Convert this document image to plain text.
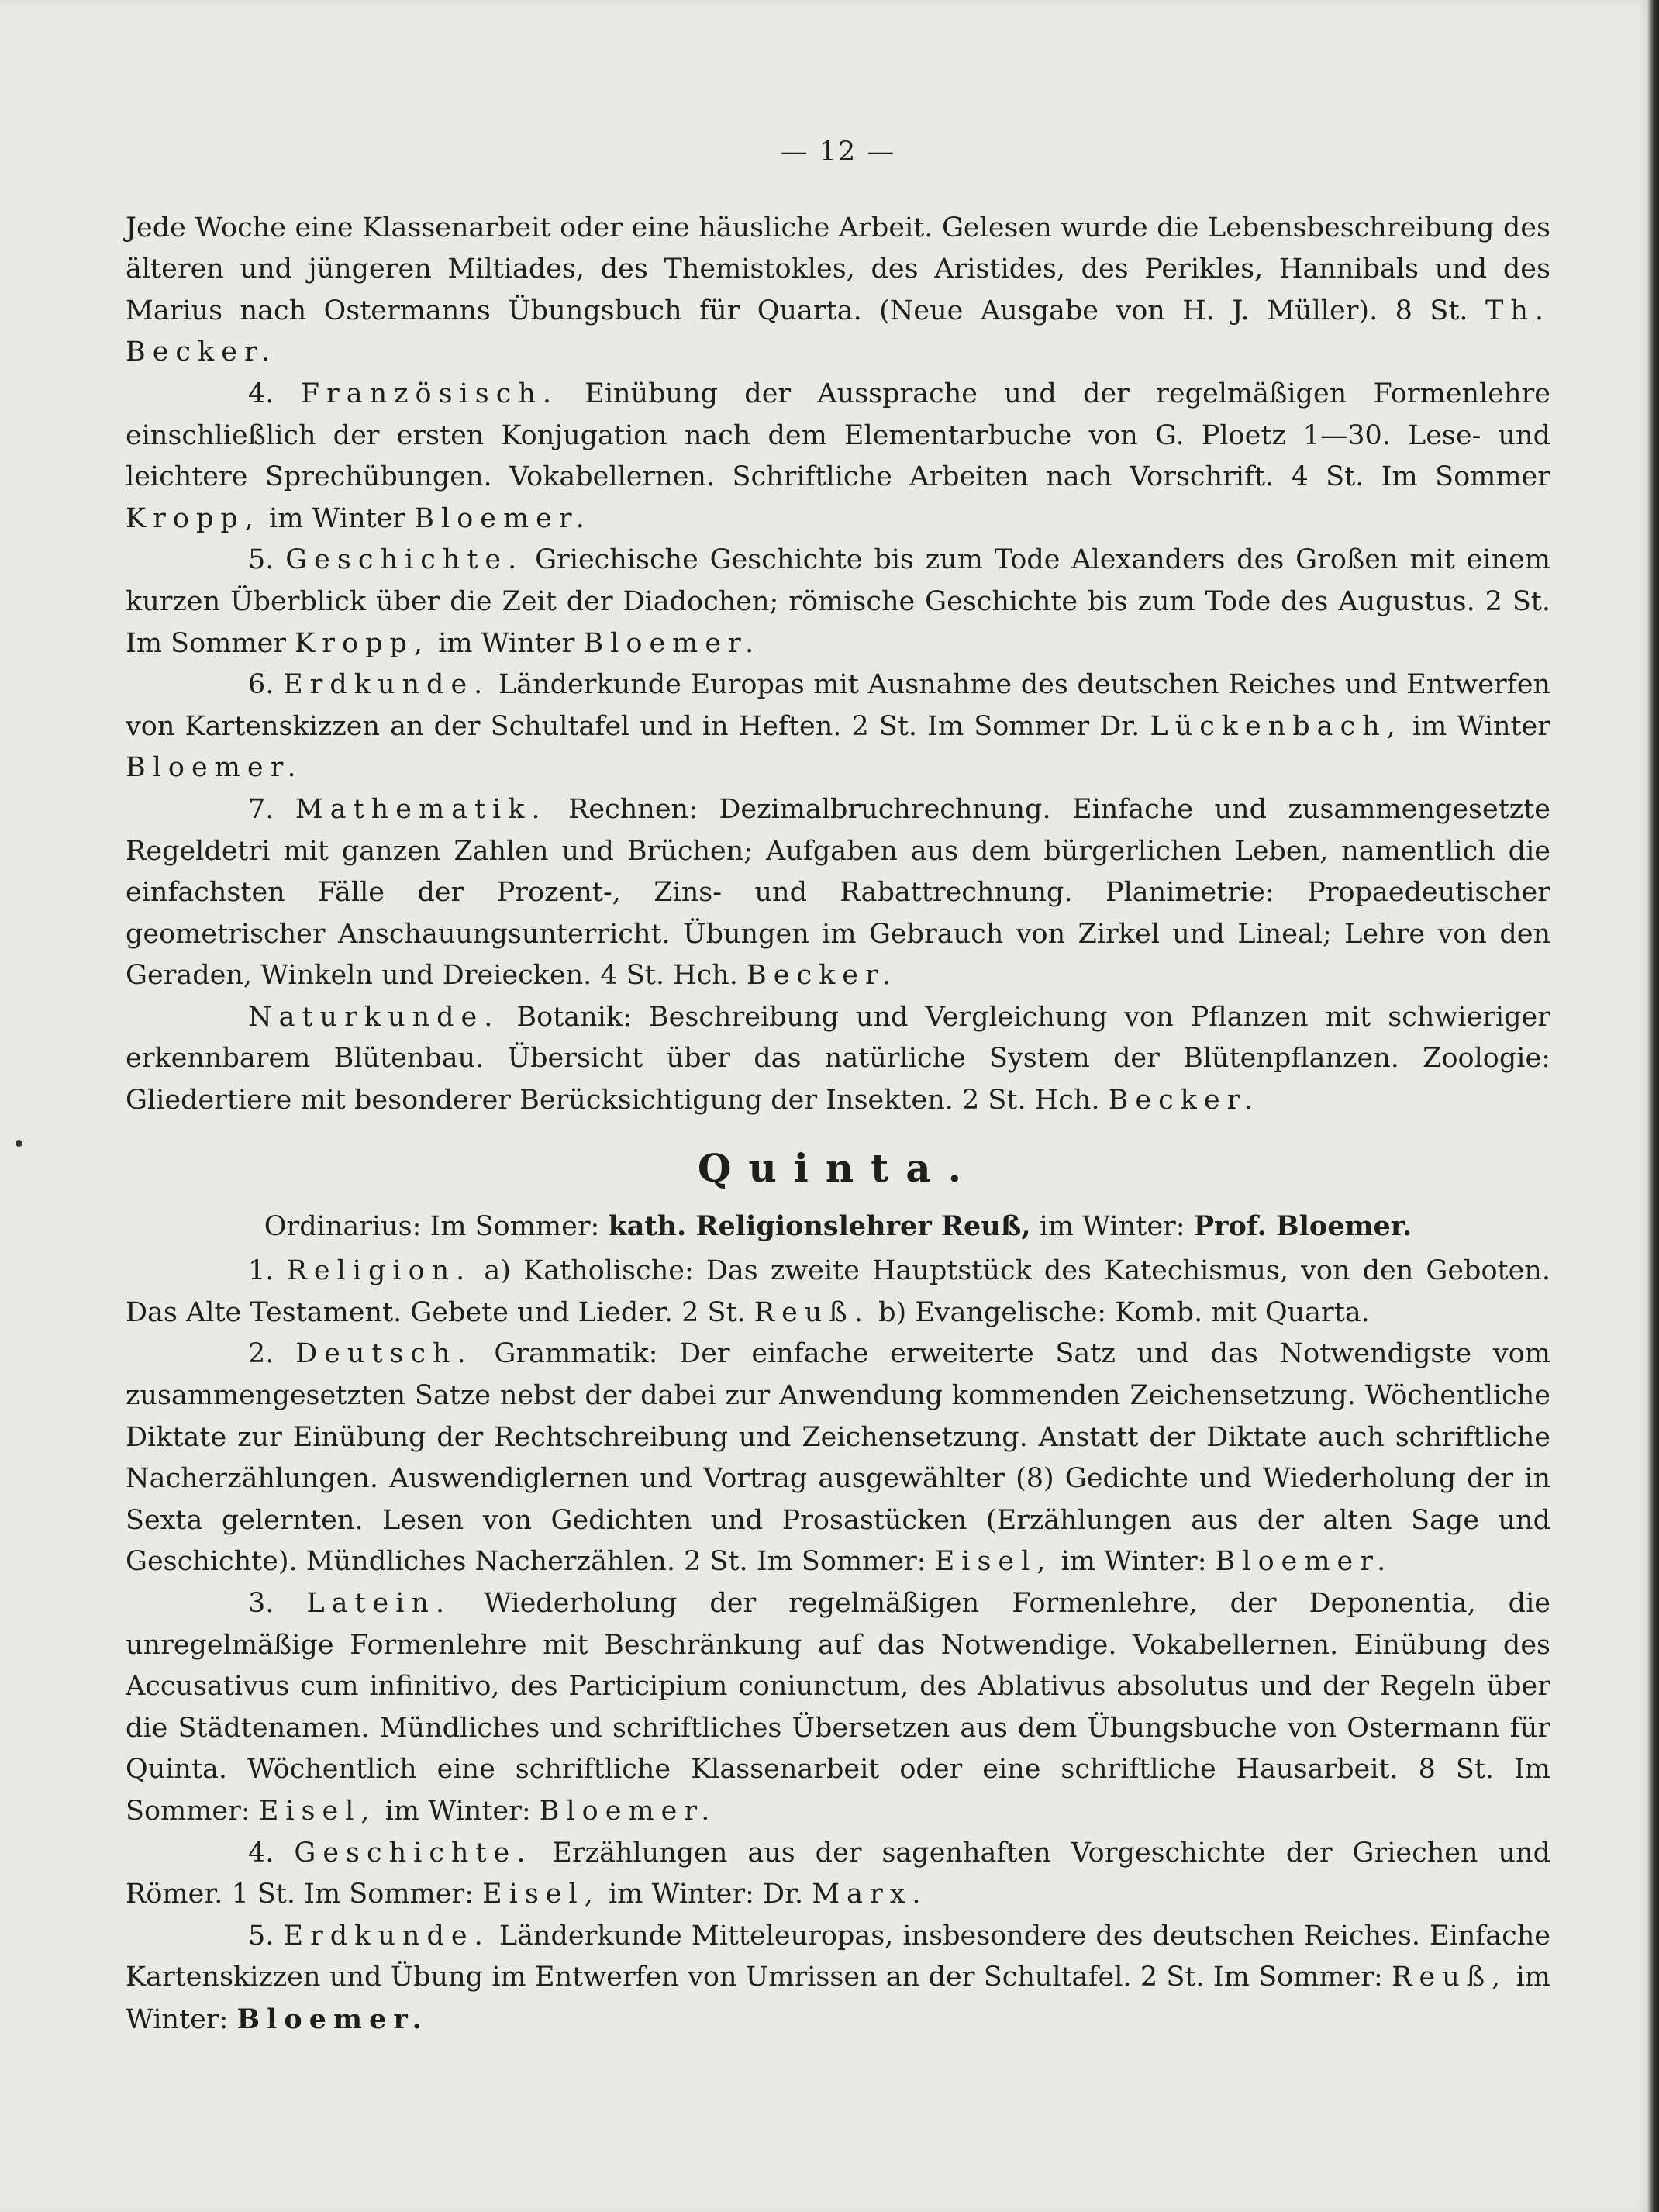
— 12 —

Jede Woche eine Klassenarbeit oder eine häusliche Arbeit. Gelesen wurde die Lebensbeschreibung des älteren und jüngeren Miltiades, des Themistokles, des Aristides, des Perikles, Hannibals und des Marius nach Ostermanns Übungsbuch für Quarta. (Neue Ausgabe von H. J. Müller). 8 St. Th. Becker.

4. Französisch. Einübung der Aussprache und der regelmäßigen Formenlehre einschließlich der ersten Konjugation nach dem Elementarbuche von G. Ploetz 1—30. Lese- und leichtere Sprechübungen. Vokabellernen. Schriftliche Arbeiten nach Vorschrift. 4 St. Im Sommer Kropp, im Winter Bloemer.

5. Geschichte. Griechische Geschichte bis zum Tode Alexanders des Großen mit einem kurzen Überblick über die Zeit der Diadochen; römische Geschichte bis zum Tode des Augustus. 2 St. Im Sommer Kropp, im Winter Bloemer.

6. Erdkunde. Länderkunde Europas mit Ausnahme des deutschen Reiches und Entwerfen von Kartenskizzen an der Schultafel und in Heften. 2 St. Im Sommer Dr. Lückenbach, im Winter Bloemer.

7. Mathematik. Rechnen: Dezimalbruchrechnung. Einfache und zusammengesetzte Regeldetri mit ganzen Zahlen und Brüchen; Aufgaben aus dem bürgerlichen Leben, namentlich die einfachsten Fälle der Prozent-, Zins- und Rabattrechnung. Planimetrie: Propaedeutischer geometrischer Anschauungsunterricht. Übungen im Gebrauch von Zirkel und Lineal; Lehre von den Geraden, Winkeln und Dreiecken. 4 St. Hch. Becker.

Naturkunde. Botanik: Beschreibung und Vergleichung von Pflanzen mit schwieriger erkennbarem Blütenbau. Übersicht über das natürliche System der Blütenpflanzen. Zoologie: Gliedertiere mit besonderer Berücksichtigung der Insekten. 2 St. Hch. Becker.

Quinta.
Ordinarius: Im Sommer: kath. Religionslehrer Reuß, im Winter: Prof. Bloemer.

1. Religion. a) Katholische: Das zweite Hauptstück des Katechismus, von den Geboten. Das Alte Testament. Gebete und Lieder. 2 St. Reuß. b) Evangelische: Komb. mit Quarta.

2. Deutsch. Grammatik: Der einfache erweiterte Satz und das Notwendigste vom zusammengesetzten Satze nebst der dabei zur Anwendung kommenden Zeichensetzung. Wöchentliche Diktate zur Einübung der Rechtschreibung und Zeichensetzung. Anstatt der Diktate auch schriftliche Nacherzählungen. Auswendiglernen und Vortrag ausgewählter (8) Gedichte und Wiederholung der in Sexta gelernten. Lesen von Gedichten und Prosastücken (Erzählungen aus der alten Sage und Geschichte). Mündliches Nacherzählen. 2 St. Im Sommer: Eisel, im Winter: Bloemer.

3. Latein. Wiederholung der regelmäßigen Formenlehre, der Deponentia, die unregelmäßige Formenlehre mit Beschränkung auf das Notwendige. Vokabellernen. Einübung des Accusativus cum infinitivo, des Participium coniunctum, des Ablativus absolutus und der Regeln über die Städtenamen. Mündliches und schriftliches Übersetzen aus dem Übungsbuche von Ostermann für Quinta. Wöchentlich eine schriftliche Klassenarbeit oder eine schriftliche Hausarbeit. 8 St. Im Sommer: Eisel, im Winter: Bloemer.

4. Geschichte. Erzählungen aus der sagenhaften Vorgeschichte der Griechen und Römer. 1 St. Im Sommer: Eisel, im Winter: Dr. Marx.

5. Erdkunde. Länderkunde Mitteleuropas, insbesondere des deutschen Reiches. Einfache Kartenskizzen und Übung im Entwerfen von Umrissen an der Schultafel. 2 St. Im Sommer: Reuß, im Winter: Bloemer.
